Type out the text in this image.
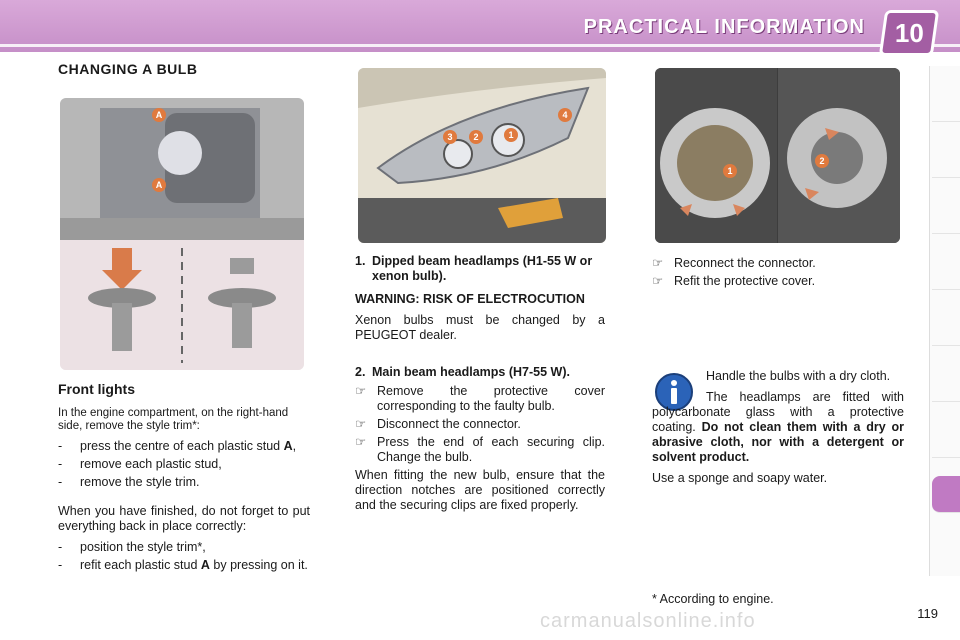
PRACTICAL INFORMATION 10
CHANGING A BULB
A
A

Front lights

In the engine compartment, on the right-hand side, remove the style trim*:

-	press the centre of each plastic stud A,
-	remove each plastic stud,
-	remove the style trim.

When you have finished, do not forget to put everything back in place correctly:

-	position the style trim*,
-	refit each plastic stud A by pressing on it.
3	2	1
4
1. Dipped beam headlamps (H1-55 W or xenon bulb).

WARNING: RISK OF ELECTROCUTION

Xenon bulbs must be changed by a PEUGEOT dealer.

2. Main beam headlamps (H7-55 W).
☞ Remove the protective cover corresponding to the faulty bulb.
☞ Disconnect the connector.
☞ Press the end of each securing clip. Change the bulb.

When fitting the new bulb, ensure that the direction notches are positioned correctly and the securing clips are fixed properly.

1
2
☞ Reconnect the connector.
☞ Refit the protective cover.

Handle the bulbs with a dry cloth.

The headlamps are fitted with polycarbonate glass with a protective coating. Do not clean them with a dry or abrasive cloth, nor with a detergent or solvent product.

Use a sponge and soapy water.

* According to engine.
carmanualsonline.info	119
